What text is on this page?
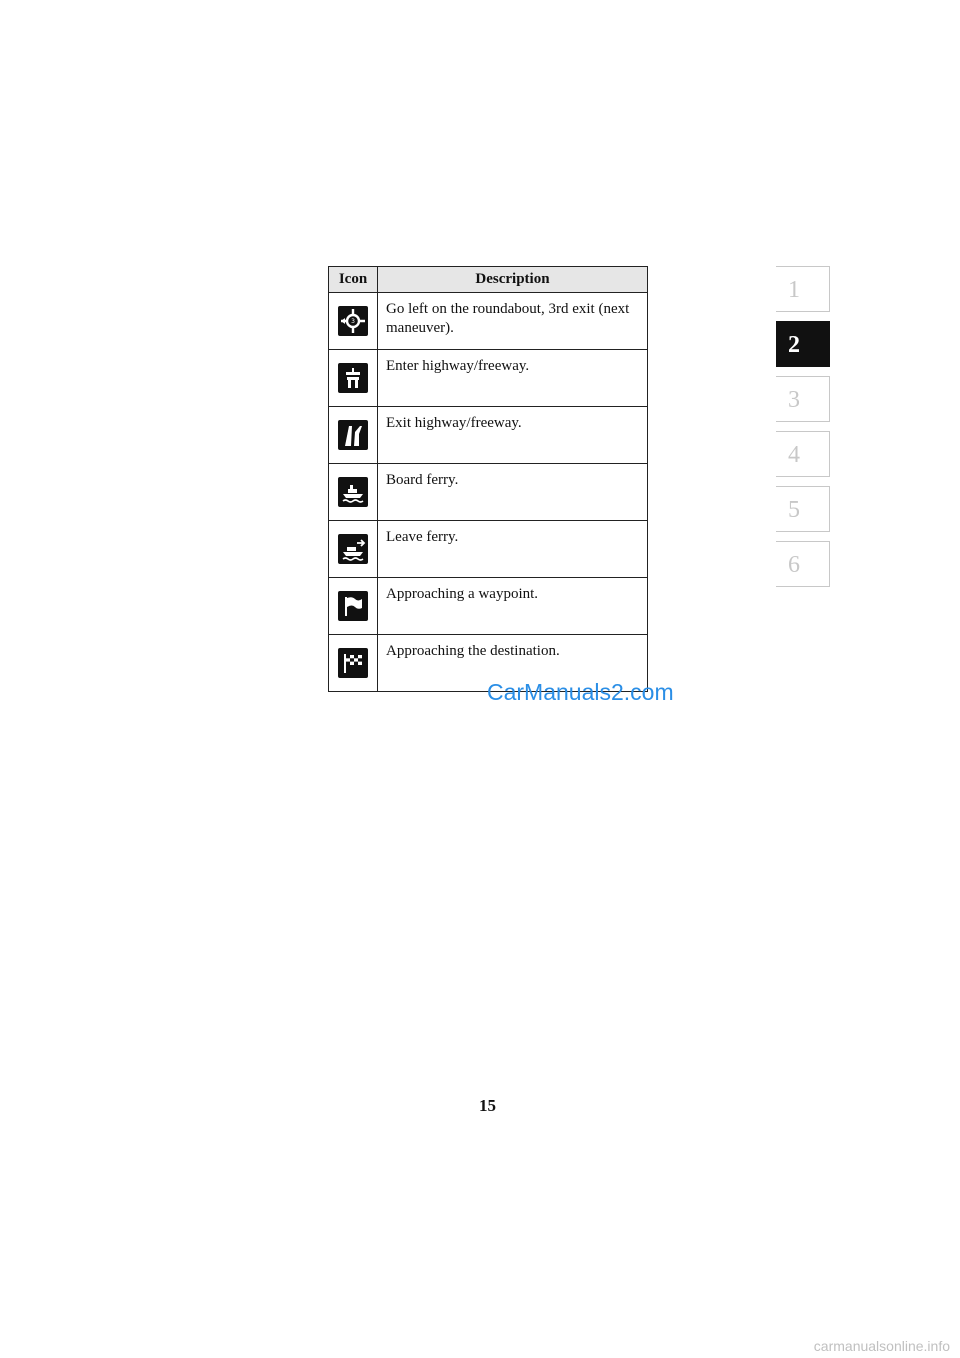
Icon	Description

3	Go left on the roundabout, 3rd exit (next maneuver).

	Enter highway/freeway.

	Exit highway/freeway.

	Board ferry.

	Leave ferry.

	Approaching a waypoint.

	Approaching the destination.
1
2
3
4
5
6
CarManuals2.com
15
carmanualsonline.info
